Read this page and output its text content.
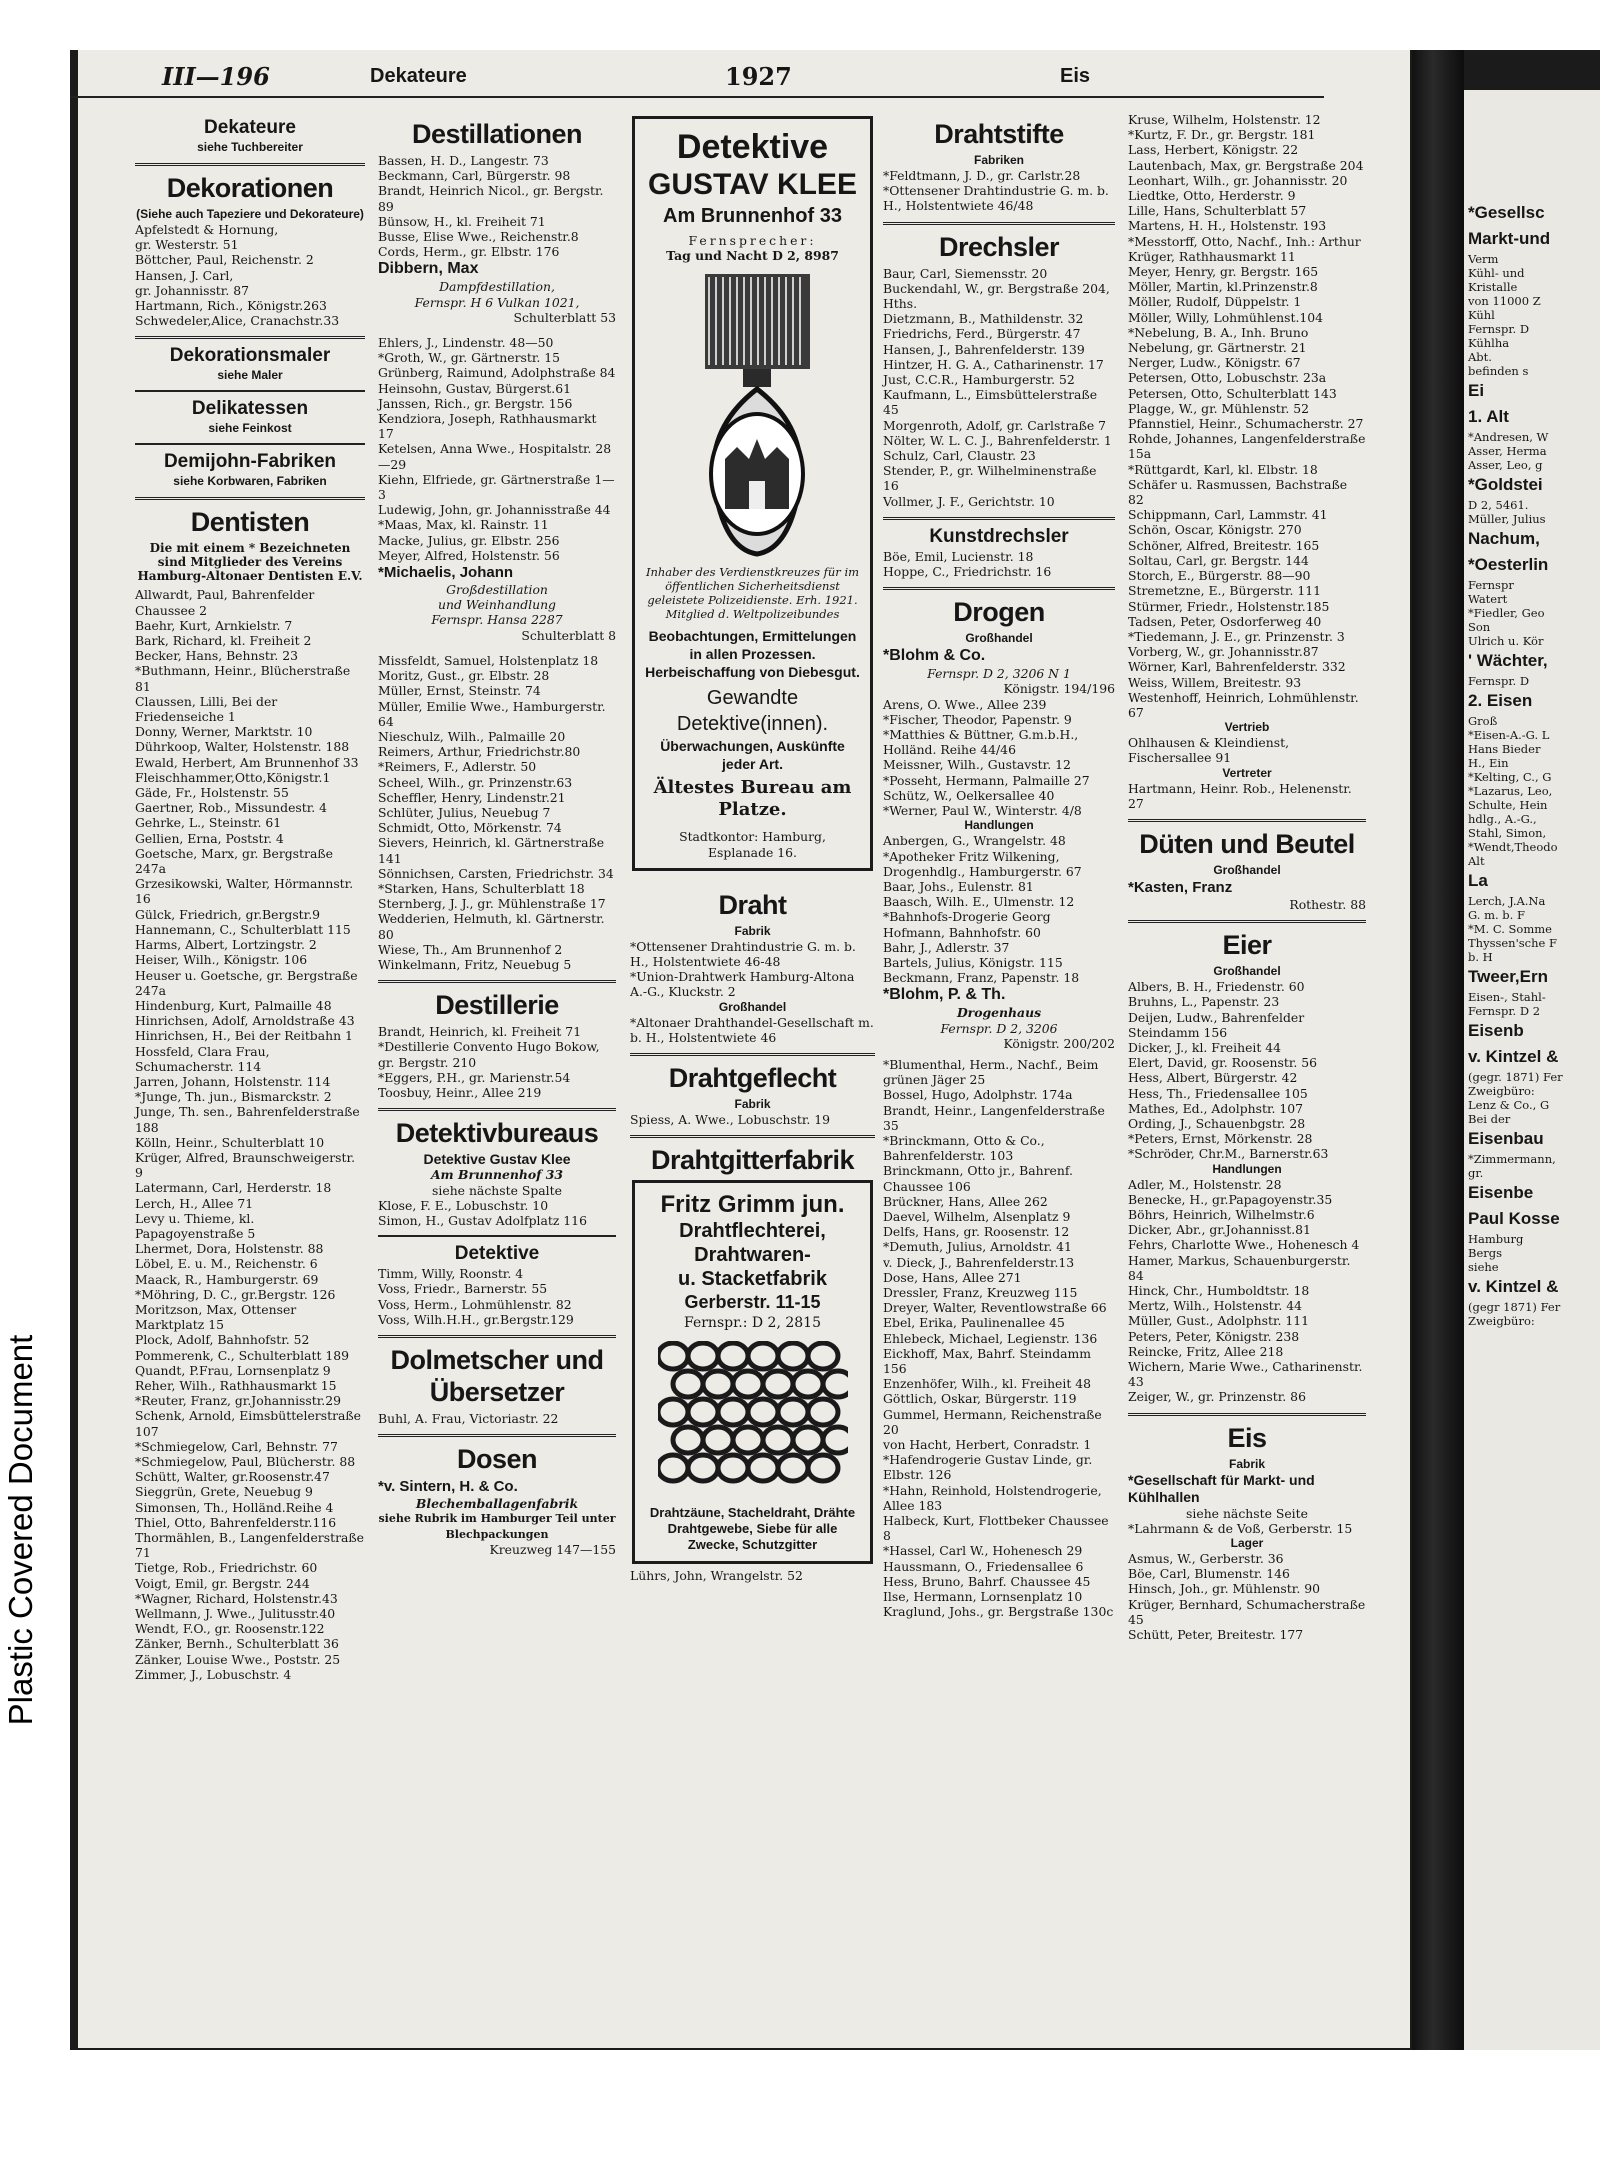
Plastic Covered Document
III—196	Dekateure	1927	Eis
Dekateure
siehe Tuchbereiter
Dekorationen
(Siehe auch Tapeziere und Dekorateure)

Apfelstedt & Hornung,

gr. Westerstr. 51

Böttcher, Paul, Reichenstr. 2

Hansen, J. Carl,

gr. Johannisstr. 87

Hartmann, Rich., Königstr.263

Schwedeler,Alice, Cranachstr.33

Dekorationsmaler
siehe Maler
Delikatessen
siehe Feinkost
Demijohn-Fabriken
siehe Korbwaren, Fabriken
Dentisten

Die mit einem * Bezeichneten sind Mitglieder des Vereins Hamburg-Altonaer Dentisten E.V.

Allwardt, Paul, Bahrenfelder Chaussee 2

Baehr, Kurt, Arnkielstr. 7

Bark, Richard, kl. Freiheit 2

Becker, Hans, Behnstr. 23

*Buthmann, Heinr., Blücherstraße 81

Claussen, Lilli, Bei der Friedenseiche 1

Donny, Werner, Marktstr. 10

Dührkoop, Walter, Holstenstr. 188

Ewald, Herbert, Am Brunnenhof 33

Fleischhammer,Otto,Königstr.1

Gäde, Fr., Holstenstr. 55

Gaertner, Rob., Missundestr. 4

Gehrke, L., Steinstr. 61

Gellien, Erna, Poststr. 4

Goetsche, Marx, gr. Bergstraße 247a

Grzesikowski, Walter, Hörmannstr. 16

Gülck, Friedrich, gr.Bergstr.9

Hannemann, C., Schulterblatt 115

Harms, Albert, Lortzingstr. 2

Heiser, Wilh., Königstr. 106

Heuser u. Goetsche, gr. Bergstraße 247a

Hindenburg, Kurt, Palmaille 48

Hinrichsen, Adolf, Arnoldstraße 43

Hinrichsen, H., Bei der Reitbahn 1

Hossfeld, Clara Frau, Schumacherstr. 114

Jarren, Johann, Holstenstr. 114

*Junge, Th. jun., Bismarckstr. 2

Junge, Th. sen., Bahrenfelderstraße 188

Kölln, Heinr., Schulterblatt 10

Krüger, Alfred, Braunschweigerstr. 9

Latermann, Carl, Herderstr. 18

Lerch, H., Allee 71

Levy u. Thieme, kl. Papagoyenstraße 5

Lhermet, Dora, Holstenstr. 88

Löbel, E. u. M., Reichenstr. 6

Maack, R., Hamburgerstr. 69

*Möhring, D. C., gr.Bergstr. 126

Moritzson, Max, Ottenser Marktplatz 15

Plock, Adolf, Bahnhofstr. 52

Pommerenk, C., Schulterblatt 189

Quandt, P.Frau, Lornsenplatz 9

Reher, Wilh., Rathhausmarkt 15

*Reuter, Franz, gr.Johannisstr.29

Schenk, Arnold, Eimsbüttelerstraße 107

*Schmiegelow, Carl, Behnstr. 77

*Schmiegelow, Paul, Blücherstr. 88

Schütt, Walter, gr.Roosenstr.47

Sieggrün, Grete, Neuebug 9

Simonsen, Th., Holländ.Reihe 4

Thiel, Otto, Bahrenfelderstr.116

Thormählen, B., Langenfelderstraße 71

Tietge, Rob., Friedrichstr. 60

Voigt, Emil, gr. Bergstr. 244

*Wagner, Richard, Holstenstr.43

Wellmann, J. Wwe., Julitusstr.40

Wendt, F.O., gr. Roosenstr.122

Zänker, Bernh., Schulterblatt 36

Zänker, Louise Wwe., Poststr. 25

Zimmer, J., Lobuschstr. 4

Destillationen

Bassen, H. D., Langestr. 73

Beckmann, Carl, Bürgerstr. 98

Brandt, Heinrich Nicol., gr. Bergstr. 89

Bünsow, H., kl. Freiheit 71

Busse, Elise Wwe., Reichenstr.8

Cords, Herm., gr. Elbstr. 176

Dibbern, Max

Dampfdestillation,

Fernspr. H 6 Vulkan 1021,

Schulterblatt 53

Ehlers, J., Lindenstr. 48—50

*Groth, W., gr. Gärtnerstr. 15

Grünberg, Raimund, Adolphstraße 84

Heinsohn, Gustav, Bürgerst.61

Janssen, Rich., gr. Bergstr. 156

Kendziora, Joseph, Rathhausmarkt 17

Ketelsen, Anna Wwe., Hospitalstr. 28—29

Kiehn, Elfriede, gr. Gärtnerstraße 1—3

Ludewig, John, gr. Johannisstraße 44

*Maas, Max, kl. Rainstr. 11

Macke, Julius, gr. Elbstr. 256

Meyer, Alfred, Holstenstr. 56

*Michaelis, Johann

Großdestillation

und Weinhandlung

Fernspr. Hansa 2287

Schulterblatt 8

Missfeldt, Samuel, Holstenplatz 18

Moritz, Gust., gr. Elbstr. 28

Müller, Ernst, Steinstr. 74

Müller, Emilie Wwe., Hamburgerstr. 64

Nieschulz, Wilh., Palmaille 20

Reimers, Arthur, Friedrichstr.80

*Reimers, F., Adlerstr. 50

Scheel, Wilh., gr. Prinzenstr.63

Scheffler, Henry, Lindenstr.21

Schlüter, Julius, Neuebug 7

Schmidt, Otto, Mörkenstr. 74

Sievers, Heinrich, kl. Gärtnerstraße 141

Sönnichsen, Carsten, Friedrichstr. 34

*Starken, Hans, Schulterblatt 18

Sternberg, J. J., gr. Mühlenstraße 17

Wedderien, Helmuth, kl. Gärtnerstr. 80

Wiese, Th., Am Brunnenhof 2

Winkelmann, Fritz, Neuebug 5

Destillerie

Brandt, Heinrich, kl. Freiheit 71

*Destillerie Convento Hugo Bokow, gr. Bergstr. 210

*Eggers, P.H., gr. Marienstr.54

Toosbuy, Heinr., Allee 219

Detektivbureaus

Detektive Gustav Klee

Am Brunnenhof 33

siehe nächste Spalte

Klose, F. E., Lobuschstr. 10

Simon, H., Gustav Adolfplatz 116

Detektive

Timm, Willy, Roonstr. 4

Voss, Friedr., Barnerstr. 55

Voss, Herm., Lohmühlenstr. 82

Voss, Wilh.H.H., gr.Bergstr.129

Dolmetscher und Übersetzer

Buhl, A. Frau, Victoriastr. 22

Dosen

*v. Sintern, H. & Co.

Blechemballagenfabrik

siehe Rubrik im Hamburger Teil unter Blechpackungen

Kreuzweg 147—155

Detektive
GUSTAV KLEE
Am Brunnenhof 33
Fernsprecher:
Tag und Nacht D 2, 8987
Inhaber des Verdienstkreuzes für im öffentlichen Sicherheitsdienst geleistete Polizeidienste. Erh. 1921. Mitglied d. Weltpolizeibundes
Beobachtungen, Ermittelungen in allen Prozessen.
Herbeischaffung von Diebesgut.
Gewandte Detektive(innen).
Überwachungen, Auskünfte jeder Art.
Ältestes Bureau am Platze.
Stadtkontor: Hamburg, Esplanade 16.
Draht
Fabrik

*Ottensener Drahtindustrie G. m. b. H., Holstentwiete 46-48

*Union-Drahtwerk Hamburg-Altona A.-G., Kluckstr. 2

Großhandel

*Altonaer Drahthandel-Gesellschaft m. b. H., Holstentwiete 46

Drahtgeflecht
Fabrik

Spiess, A. Wwe., Lobuschstr. 19

Drahtgitterfabrik
Fritz Grimm jun.
Drahtflechterei,
Drahtwaren-
u. Stacketfabrik
Gerberstr. 11-15
Fernspr.: D 2, 2815
Drahtzäune, Stacheldraht, Drähte Drahtgewebe, Siebe für alle Zwecke, Schutzgitter

Lührs, John, Wrangelstr. 52

Drahtstifte
Fabriken

*Feldtmann, J. D., gr. Carlstr.28

*Ottensener Drahtindustrie G. m. b. H., Holstentwiete 46/48

Drechsler

Baur, Carl, Siemensstr. 20

Buckendahl, W., gr. Bergstraße 204, Hths.

Dietzmann, B., Mathildenstr. 32

Friedrichs, Ferd., Bürgerstr. 47

Hansen, J., Bahrenfelderstr. 139

Hintzer, H. G. A., Catharinenstr. 17

Just, C.C.R., Hamburgerstr. 52

Kaufmann, L., Eimsbüttelerstraße 45

Morgenroth, Adolf, gr. Carlstraße 7

Nölter, W. L. C. J., Bahrenfelderstr. 1

Schulz, Carl, Claustr. 23

Stender, P., gr. Wilhelminenstraße 16

Vollmer, J. F., Gerichtstr. 10

Kunstdrechsler

Böe, Emil, Lucienstr. 18

Hoppe, C., Friedrichstr. 16

Drogen
Großhandel

*Blohm & Co.

Fernspr. D 2, 3206 N 1

Königstr. 194/196

Arens, O. Wwe., Allee 239

*Fischer, Theodor, Papenstr. 9

*Matthies & Büttner, G.m.b.H., Holländ. Reihe 44/46

Meissner, Wilh., Gustavstr. 12

*Posseht, Hermann, Palmaille 27

Schütz, W., Oelkersallee 40

*Werner, Paul W., Winterstr. 4/8

Handlungen

Anbergen, G., Wrangelstr. 48

*Apotheker Fritz Wilkening, Drogenhdlg., Hamburgerstr. 67

Baar, Johs., Eulenstr. 81

Baasch, Wilh. E., Ulmenstr. 12

*Bahnhofs-Drogerie Georg Hofmann, Bahnhofstr. 60

Bahr, J., Adlerstr. 37

Bartels, Julius, Königstr. 115

Beckmann, Franz, Papenstr. 18

*Blohm, P. & Th.

Drogenhaus

Fernspr. D 2, 3206

Königstr. 200/202

*Blumenthal, Herm., Nachf., Beim grünen Jäger 25

Bossel, Hugo, Adolphstr. 174a

Brandt, Heinr., Langenfelderstraße 35

*Brinckmann, Otto & Co., Bahrenfelderstr. 103

Brinckmann, Otto jr., Bahrenf. Chaussee 106

Brückner, Hans, Allee 262

Daevel, Wilhelm, Alsenplatz 9

Delfs, Hans, gr. Roosenstr. 12

*Demuth, Julius, Arnoldstr. 41

v. Dieck, J., Bahrenfelderstr.13

Dose, Hans, Allee 271

Dressler, Franz, Kreuzweg 115

Dreyer, Walter, Reventlowstraße 66

Ebel, Erika, Paulinenallee 45

Ehlebeck, Michael, Legienstr. 136

Eickhoff, Max, Bahrf. Steindamm 156

Enzenhöfer, Wilh., kl. Freiheit 48

Göttlich, Oskar, Bürgerstr. 119

Gummel, Hermann, Reichenstraße 20

von Hacht, Herbert, Conradstr. 1

*Hafendrogerie Gustav Linde, gr. Elbstr. 126

*Hahn, Reinhold, Holstendrogerie, Allee 183

Halbeck, Kurt, Flottbeker Chaussee 8

*Hassel, Carl W., Hohenesch 29

Haussmann, O., Friedensallee 6

Hess, Bruno, Bahrf. Chaussee 45

Ilse, Hermann, Lornsenplatz 10

Kraglund, Johs., gr. Bergstraße 130c

Kruse, Wilhelm, Holstenstr. 12

*Kurtz, F. Dr., gr. Bergstr. 181

Lass, Herbert, Königstr. 22

Lautenbach, Max, gr. Bergstraße 204

Leonhart, Wilh., gr. Johannisstr. 20

Liedtke, Otto, Herderstr. 9

Lille, Hans, Schulterblatt 57

Martens, H. H., Holstenstr. 193

*Messtorff, Otto, Nachf., Inh.: Arthur Krüger, Rathhausmarkt 11

Meyer, Henry, gr. Bergstr. 165

Möller, Martin, kl.Prinzenstr.8

Möller, Rudolf, Düppelstr. 1

Möller, Willy, Lohmühlenst.104

*Nebelung, B. A., Inh. Bruno Nebelung, gr. Gärtnerstr. 21

Nerger, Ludw., Königstr. 67

Petersen, Otto, Lobuschstr. 23a

Petersen, Otto, Schulterblatt 143

Plagge, W., gr. Mühlenstr. 52

Pfannstiel, Heinr., Schumacherstr. 27

Rohde, Johannes, Langenfelderstraße 15a

*Rüttgardt, Karl, kl. Elbstr. 18

Schäfer u. Rasmussen, Bachstraße 82

Schippmann, Carl, Lammstr. 41

Schön, Oscar, Königstr. 270

Schöner, Alfred, Breitestr. 165

Soltau, Carl, gr. Bergstr. 144

Storch, E., Bürgerstr. 88—90

Stremetzne, E., Bürgerstr. 111

Stürmer, Friedr., Holstenstr.185

Tadsen, Peter, Osdorferweg 40

*Tiedemann, J. E., gr. Prinzenstr. 3

Vorberg, W., gr. Johannisstr.87

Wörner, Karl, Bahrenfelderstr. 332

Weiss, Willem, Breitestr. 93

Westenhoff, Heinrich, Lohmühlenstr. 67

Vertrieb

Ohlhausen & Kleindienst, Fischersallee 91

Vertreter

Hartmann, Heinr. Rob., Helenenstr. 27

Düten und Beutel
Großhandel

*Kasten, Franz

Rothestr. 88

Eier
Großhandel

Albers, B. H., Friedenstr. 60

Bruhns, L., Papenstr. 23

Deijen, Ludw., Bahrenfelder Steindamm 156

Dicker, J., kl. Freiheit 44

Elert, David, gr. Roosenstr. 56

Hess, Albert, Bürgerstr. 42

Hess, Th., Friedensallee 105

Mathes, Ed., Adolphstr. 107

Ording, J., Schauenbgstr. 28

*Peters, Ernst, Mörkenstr. 28

*Schröder, Chr.M., Barnerstr.63

Handlungen

Adler, M., Holstenstr. 28

Benecke, H., gr.Papagoyenstr.35

Böhrs, Heinrich, Wilhelmstr.6

Dicker, Abr., gr.Johannisst.81

Fehrs, Charlotte Wwe., Hohenesch 4

Hamer, Markus, Schauenburgerstr. 84

Hinck, Chr., Humboldtstr. 18

Mertz, Wilh., Holstenstr. 44

Müller, Gust., Adolphstr. 111

Peters, Peter, Königstr. 238

Reincke, Fritz, Allee 218

Wichern, Marie Wwe., Catharinenstr. 43

Zeiger, W., gr. Prinzenstr. 86

Eis
Fabrik

*Gesellschaft für Markt- und Kühlhallen

siehe nächste Seite

*Lahrmann & de Voß, Gerberstr. 15

Lager

Asmus, W., Gerberstr. 36

Böe, Carl, Blumenstr. 146

Hinsch, Joh., gr. Mühlenstr. 90

Krüger, Bernhard, Schumacherstraße 45

Schütt, Peter, Breitestr. 177

*Gesellsc
Markt-und
Verm
Kühl- und
Kristalle
von 11000 Z
Kühl
Fernspr. D
Kühlha
Abt.
befinden s
Ei
1. Alt
*Andresen, W
Asser, Herma
Asser, Leo, g
*Goldstei
D 2, 5461.
Müller, Julius
Nachum,
*Oesterlin
Fernspr
Watert
*Fiedler, Geo
Son
Ulrich u. Kör
' Wächter,
Fernspr. D
2. Eisen
Groß
*Eisen-A.-G. L
Hans Bieder
H., Ein
*Kelting, C., G
*Lazarus, Leo,
Schulte, Hein
hdlg., A.-G.,
Stahl, Simon,
*Wendt,Theodo
Alt
La
Lerch, J.A.Na
G. m. b. F
*M. C. Somme
Thyssen'sche F
b. H
Tweer,Ern
Eisen-, Stahl-
Fernspr. D 2
Eisenb
v. Kintzel &
(gegr. 1871) Fer
Zweigbüro:
Lenz & Co., G
Bei der
Eisenbau
*Zimmermann,
gr.
Eisenbe
Paul Kosse
Hamburg
Bergs
siehe
v. Kintzel &
(gegr 1871) Fer
Zweigbüro:
